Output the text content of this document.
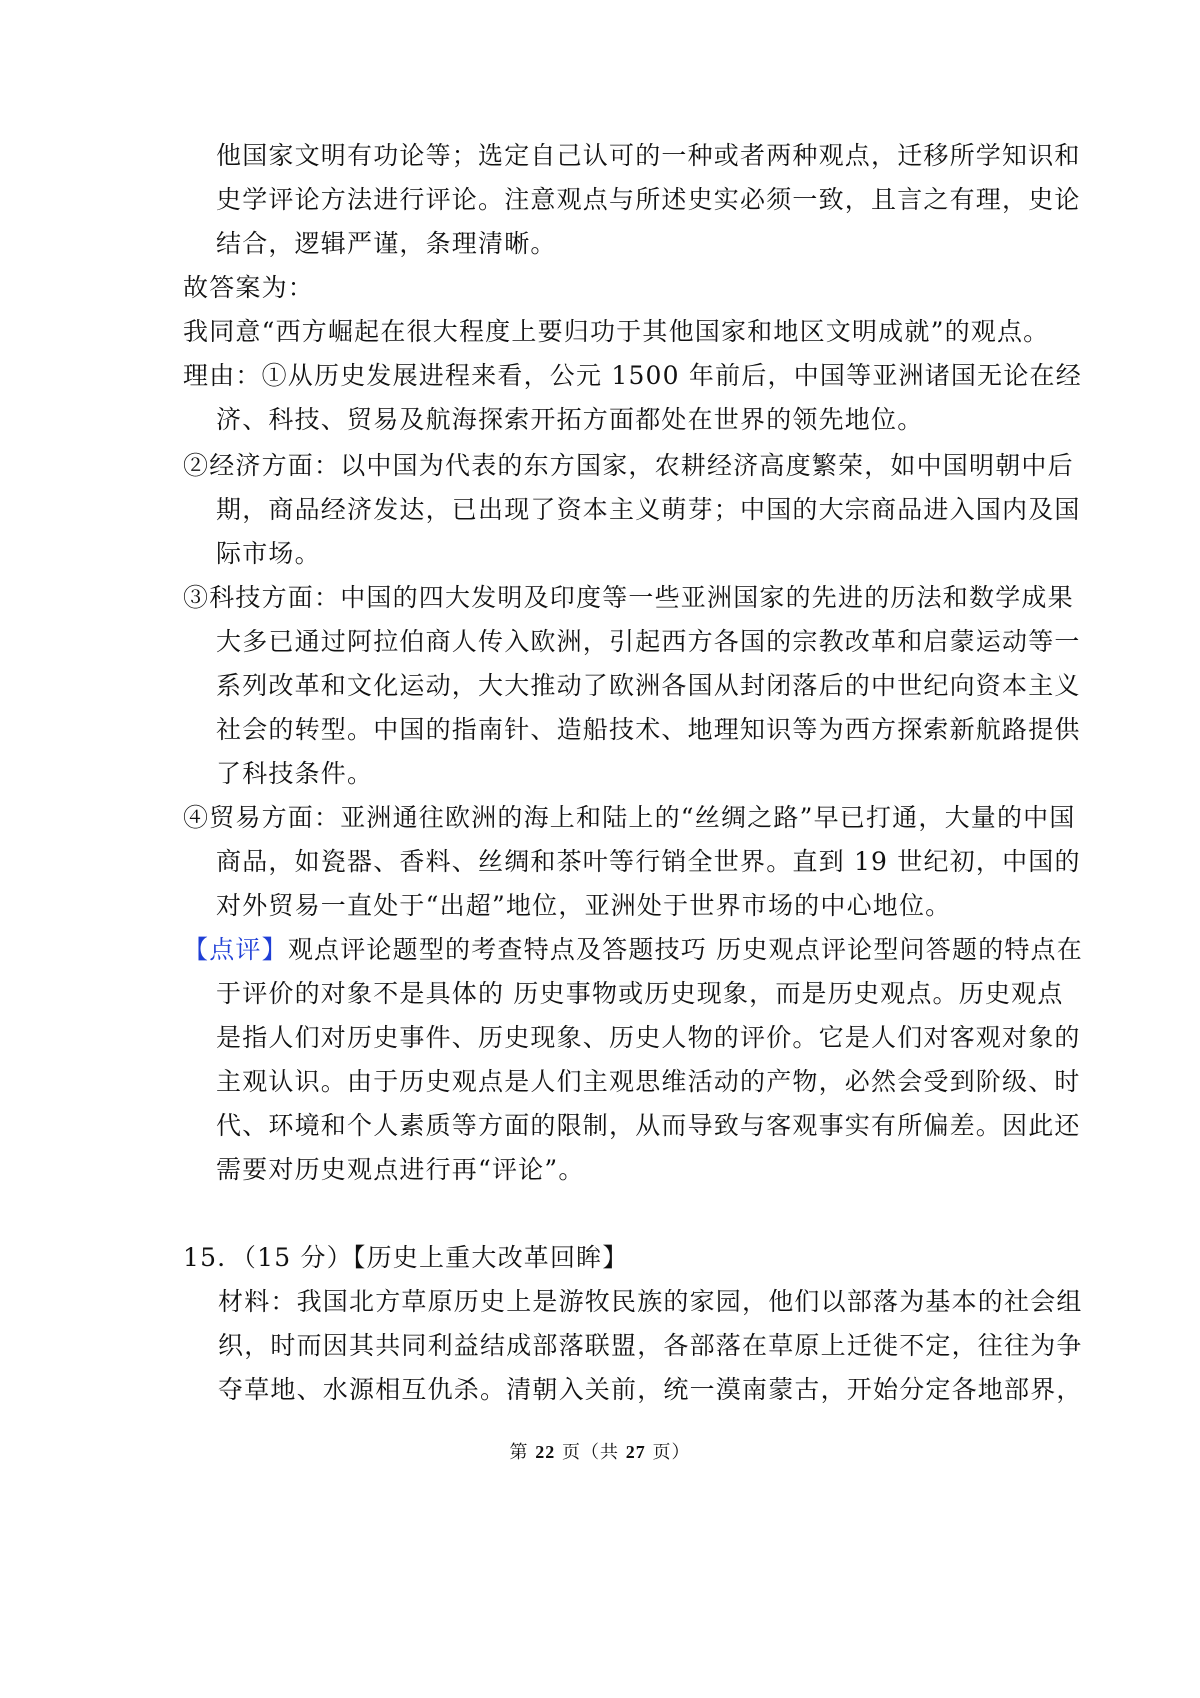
他国家文明有功论等；选定自己认可的一种或者两种观点，迁移所学知识和
史学评论方法进行评论。注意观点与所述史实必须一致，且言之有理，史论
结合，逻辑严谨，条理清晰。
故答案为：
我同意“西方崛起在很大程度上要归功于其他国家和地区文明成就”的观点。
理由：①从历史发展进程来看，公元 1500 年前后，中国等亚洲诸国无论在经
济、科技、贸易及航海探索开拓方面都处在世界的领先地位。
②经济方面：以中国为代表的东方国家，农耕经济高度繁荣，如中国明朝中后
期，商品经济发达，已出现了资本主义萌芽；中国的大宗商品进入国内及国
际市场。
③科技方面：中国的四大发明及印度等一些亚洲国家的先进的历法和数学成果
大多已通过阿拉伯商人传入欧洲，引起西方各国的宗教改革和启蒙运动等一
系列改革和文化运动，大大推动了欧洲各国从封闭落后的中世纪向资本主义
社会的转型。中国的指南针、造船技术、地理知识等为西方探索新航路提供
了科技条件。
④贸易方面：亚洲通往欧洲的海上和陆上的“丝绸之路”早已打通，大量的中国
商品，如瓷器、香料、丝绸和茶叶等行销全世界。直到 19 世纪初，中国的
对外贸易一直处于“出超”地位，亚洲处于世界市场的中心地位。
【点评】观点评论题型的考查特点及答题技巧 历史观点评论型问答题的特点在
于评价的对象不是具体的 历史事物或历史现象，而是历史观点。历史观点
是指人们对历史事件、历史现象、历史人物的评价。它是人们对客观对象的
主观认识。由于历史观点是人们主观思维活动的产物，必然会受到阶级、时
代、环境和个人素质等方面的限制，从而导致与客观事实有所偏差。因此还
需要对历史观点进行再“评论”。
15．（15 分）【历史上重大改革回眸】
材料：我国北方草原历史上是游牧民族的家园，他们以部落为基本的社会组
织，时而因其共同利益结成部落联盟，各部落在草原上迁徙不定，往往为争
夺草地、水源相互仇杀。清朝入关前，统一漠南蒙古，开始分定各地部界，
第 22 页（共 27 页）
